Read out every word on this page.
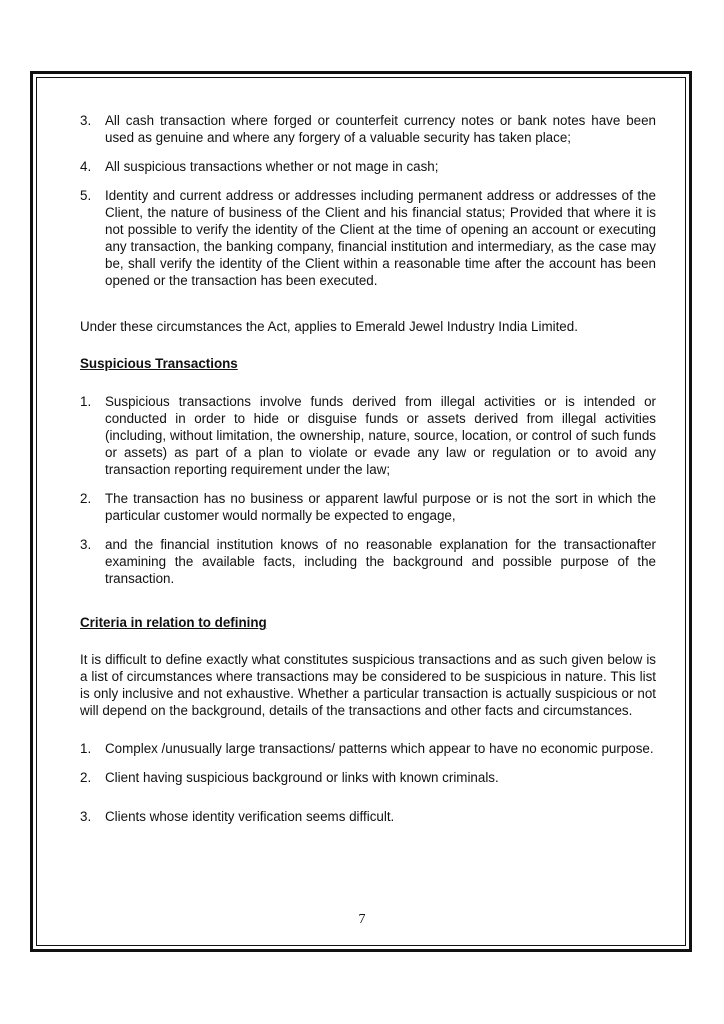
3.	All cash transaction where forged or counterfeit currency notes or bank notes have been used as genuine and where any forgery of a valuable security has taken place;
4.	All suspicious transactions whether or not mage in cash;
5.	Identity and current address or addresses including permanent address or addresses of the Client, the nature of business of the Client and his financial status; Provided that where it is not possible to verify the identity of the Client at the time of opening an account or executing any transaction, the banking company, financial institution and intermediary, as the case may be, shall verify the identity of the Client within a reasonable time after the account has been opened or the transaction has been executed.
Under these circumstances the Act, applies to Emerald Jewel Industry India Limited.
Suspicious Transactions
1.	Suspicious transactions involve funds derived from illegal activities or is intended or conducted in order to hide or disguise funds or assets derived from illegal activities (including, without limitation, the ownership, nature, source, location, or control of such funds or assets) as part of a plan to violate or evade any law or regulation or to avoid any transaction reporting requirement under the law;
2.	The transaction has no business or apparent lawful purpose or is not the sort in which the particular customer would normally be expected to engage,
3.	and the financial institution knows of no reasonable explanation for the transactionafter examining the available facts, including the background and possible purpose of the transaction.
Criteria in relation to defining
It is difficult to define exactly what constitutes suspicious transactions and as such given below is a list of circumstances where transactions may be considered to be suspicious in nature. This list is only inclusive and not exhaustive. Whether a particular transaction is actually suspicious or not will depend on the background, details of the transactions and other facts and circumstances.
1.	Complex /unusually large transactions/ patterns which appear to have no economic purpose.
2.	Client having suspicious background or links with known criminals.
3.	Clients whose identity verification seems difficult.
7
